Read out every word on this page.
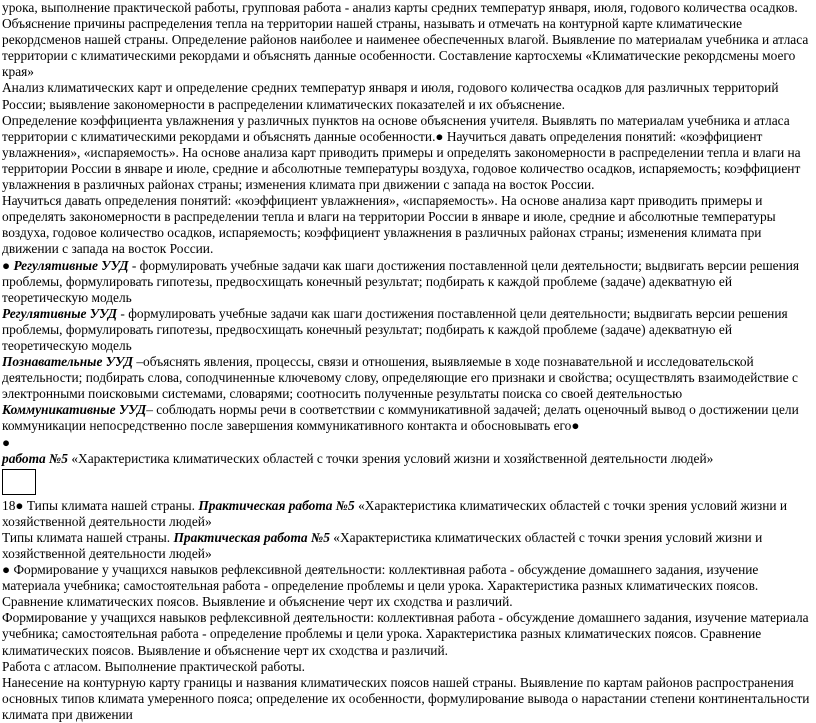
урока, выполнение практической работы, групповая работа - анализ карты средних температур января, июля, годового количества осадков. Объяснение причины распределения тепла на территории нашей страны, называть и отмечать на контурной карте климатические рекордсменов нашей страны. Определение районов наиболее и наименее обеспеченных влагой. Выявление по материалам учебника и атласа территории с климатическими рекордами и объяснять данные особенности. Составление картосхемы «Климатические рекордсмены моего края»

Анализ климатических карт и определение средних температур января и июля, годового количества осадков для различных территорий России; выявление закономерности в распределении климатических показателей и их объяснение.

Определение коэффициента увлажнения у различных пунктов на основе объяснения учителя. Выявлять по материалам учебника и атласа территории с климатическими рекордами и объяснять данные особенности.● Научиться давать определения понятий: «коэффициент увлажнения», «испаряемость». На основе анализа карт приводить примеры и определять закономерности в распределении тепла и влаги на территории России в январе и июле, средние и абсолютные температуры воздуха, годовое количество осадков, испаряемость; коэффициент увлажнения в различных районах страны; изменения климата при движении с запада на восток России.

Научиться давать определения понятий: «коэффициент увлажнения», «испаряемость». На основе анализа карт приводить примеры и определять закономерности в распределении тепла и влаги на территории России в январе и июле, средние и абсолютные температуры воздуха, годовое количество осадков, испаряемость; коэффициент увлажнения в различных районах страны; изменения климата при движении с запада на восток России.

● Регулятивные УУД - формулировать учебные задачи как шаги достижения поставленной цели деятельности; выдвигать версии решения проблемы, формулировать гипотезы, предвосхищать конечный результат; подбирать к каждой проблеме (задаче) адекватную ей теоретическую модель

Регулятивные УУД - формулировать учебные задачи как шаги достижения поставленной цели деятельности; выдвигать версии решения проблемы, формулировать гипотезы, предвосхищать конечный результат; подбирать к каждой проблеме (задаче) адекватную ей теоретическую модель

Познавательные УУД –объяснять явления, процессы, связи и отношения, выявляемые в ходе познавательной и исследовательской деятельности; подбирать слова, соподчиненные ключевому слову, определяющие его признаки и свойства; осуществлять взаимодействие с электронными поисковыми системами, словарями; соотносить полученные результаты поиска со своей деятельностью

Коммуникативные УУД– соблюдать нормы речи в соответствии с коммуникативной задачей; делать оценочный вывод о достижении цели коммуникации непосредственно после завершения коммуникативного контакта и обосновывать его●

●
работа №5 «Характеристика климатических областей с точки зрения условий жизни и хозяйственной деятельности людей»

18● Типы климата нашей страны. Практическая работа №5 «Характеристика климатических областей с точки зрения условий жизни и хозяйственной деятельности людей»

Типы климата нашей страны. Практическая работа №5 «Характеристика климатических областей с точки зрения условий жизни и хозяйственной деятельности людей»

● Формирование у учащихся навыков рефлексивной деятельности: коллективная работа - обсуждение домашнего задания, изучение материала учебника; самостоятельная работа - определение проблемы и цели урока. Характеристика разных климатических поясов. Сравнение климатических поясов. Выявление и объяснение черт их сходства и различий.

Формирование у учащихся навыков рефлексивной деятельности: коллективная работа - обсуждение домашнего задания, изучение материала учебника; самостоятельная работа - определение проблемы и цели урока. Характеристика разных климатических поясов. Сравнение климатических поясов. Выявление и объяснение черт их сходства и различий.

Работа с атласом. Выполнение практической работы.

Нанесение на контурную карту границы и названия климатических поясов нашей страны. Выявление по картам районов распространения основных типов климата умеренного пояса; определение их особенности, формулирование вывода о нарастании степени континентальности климата при движении
